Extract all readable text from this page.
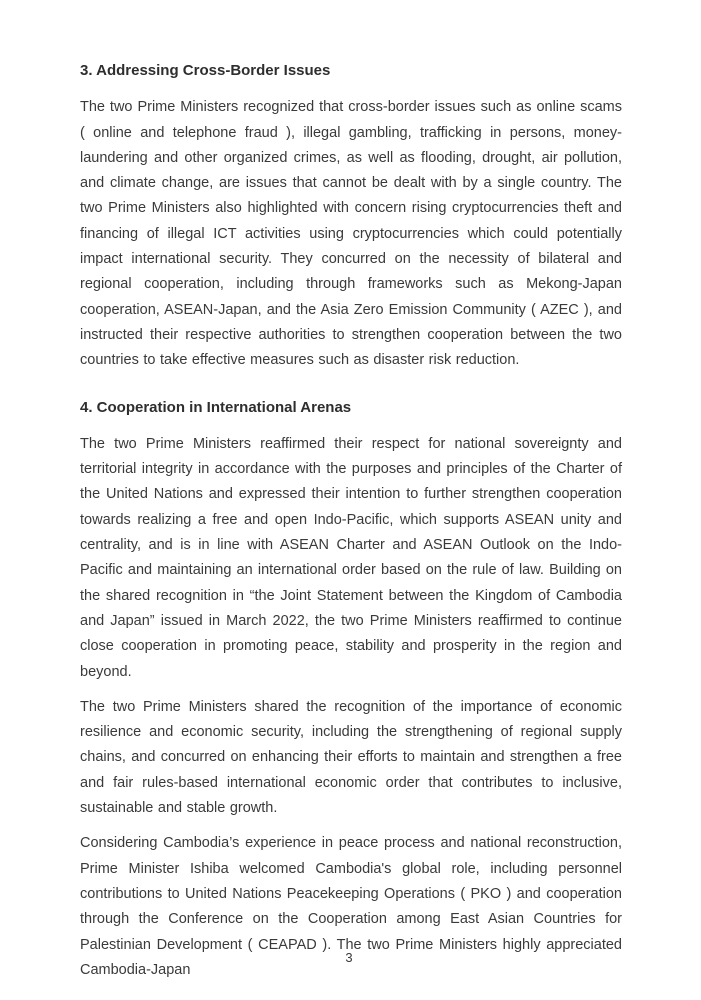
3. Addressing Cross-Border Issues

The two Prime Ministers recognized that cross-border issues such as online scams ( online and telephone fraud ), illegal gambling, trafficking in persons, money-laundering and other organized crimes, as well as flooding, drought, air pollution, and climate change, are issues that cannot be dealt with by a single country. The two Prime Ministers also highlighted with concern rising cryptocurrencies theft and financing of illegal ICT activities using cryptocurrencies which could potentially impact international security. They concurred on the necessity of bilateral and regional cooperation, including through frameworks such as Mekong-Japan cooperation, ASEAN-Japan, and the Asia Zero Emission Community ( AZEC ), and instructed their respective authorities to strengthen cooperation between the two countries to take effective measures such as disaster risk reduction.

4. Cooperation in International Arenas

The two Prime Ministers reaffirmed their respect for national sovereignty and territorial integrity in accordance with the purposes and principles of the Charter of the United Nations and expressed their intention to further strengthen cooperation towards realizing a free and open Indo-Pacific, which supports ASEAN unity and centrality, and is in line with ASEAN Charter and ASEAN Outlook on the Indo-Pacific and maintaining an international order based on the rule of law. Building on the shared recognition in “the Joint Statement between the Kingdom of Cambodia and Japan” issued in March 2022, the two Prime Ministers reaffirmed to continue close cooperation in promoting peace, stability and prosperity in the region and beyond.

The two Prime Ministers shared the recognition of the importance of economic resilience and economic security, including the strengthening of regional supply chains, and concurred on enhancing their efforts to maintain and strengthen a free and fair rules-based international economic order that contributes to inclusive, sustainable and stable growth.

Considering Cambodia’s experience in peace process and national reconstruction, Prime Minister Ishiba welcomed Cambodia's global role, including personnel contributions to United Nations Peacekeeping Operations ( PKO ) and cooperation through the Conference on the Cooperation among East Asian Countries for Palestinian Development ( CEAPAD ). The two Prime Ministers highly appreciated Cambodia-Japan

3
